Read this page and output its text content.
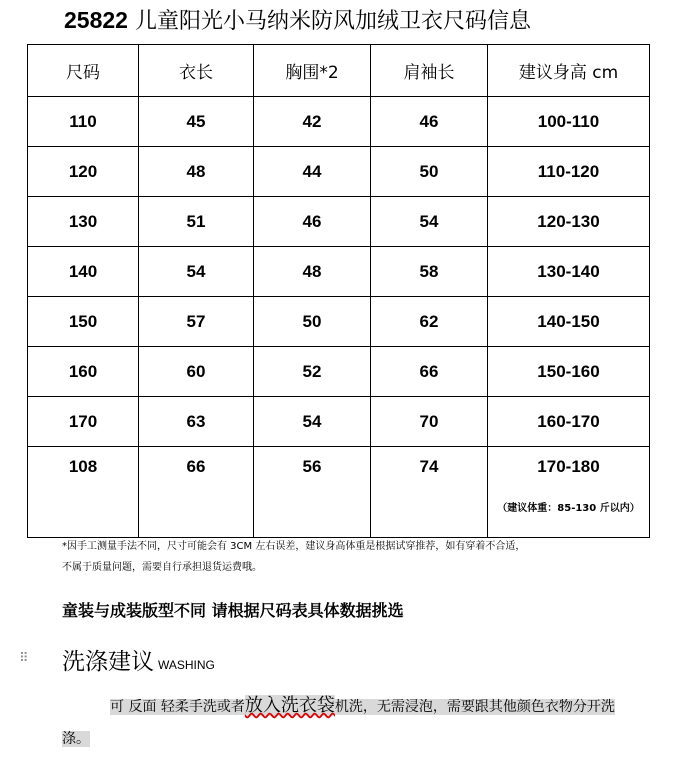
25822 儿童阳光小马纳米防风加绒卫衣尺码信息
尺码	衣长	胸围*2	肩袖长	建议身高 cm
110	45	42	46	100-110
120	48	44	50	110-120
130	51	46	54	120-130
140	54	48	58	130-140
150	57	50	62	140-150
160	60	52	66	150-160
170	63	54	70	160-170
108	66	56	74	170-180
（建议体重：85-130 斤以内）
*因手工测量手法不同，尺寸可能会有 3CM 左右误差，建议身高体重是根据试穿推荐，如有穿着不合适，
不属于质量问题，需要自行承担退货运费哦。
童装与成装版型不同 请根据尺码表具体数据挑选
⠿ 洗涤建议 WASHING
可 反面 轻柔手洗或者放入洗衣袋机洗，无需浸泡，需要跟其他颜色衣物分开洗涤。
